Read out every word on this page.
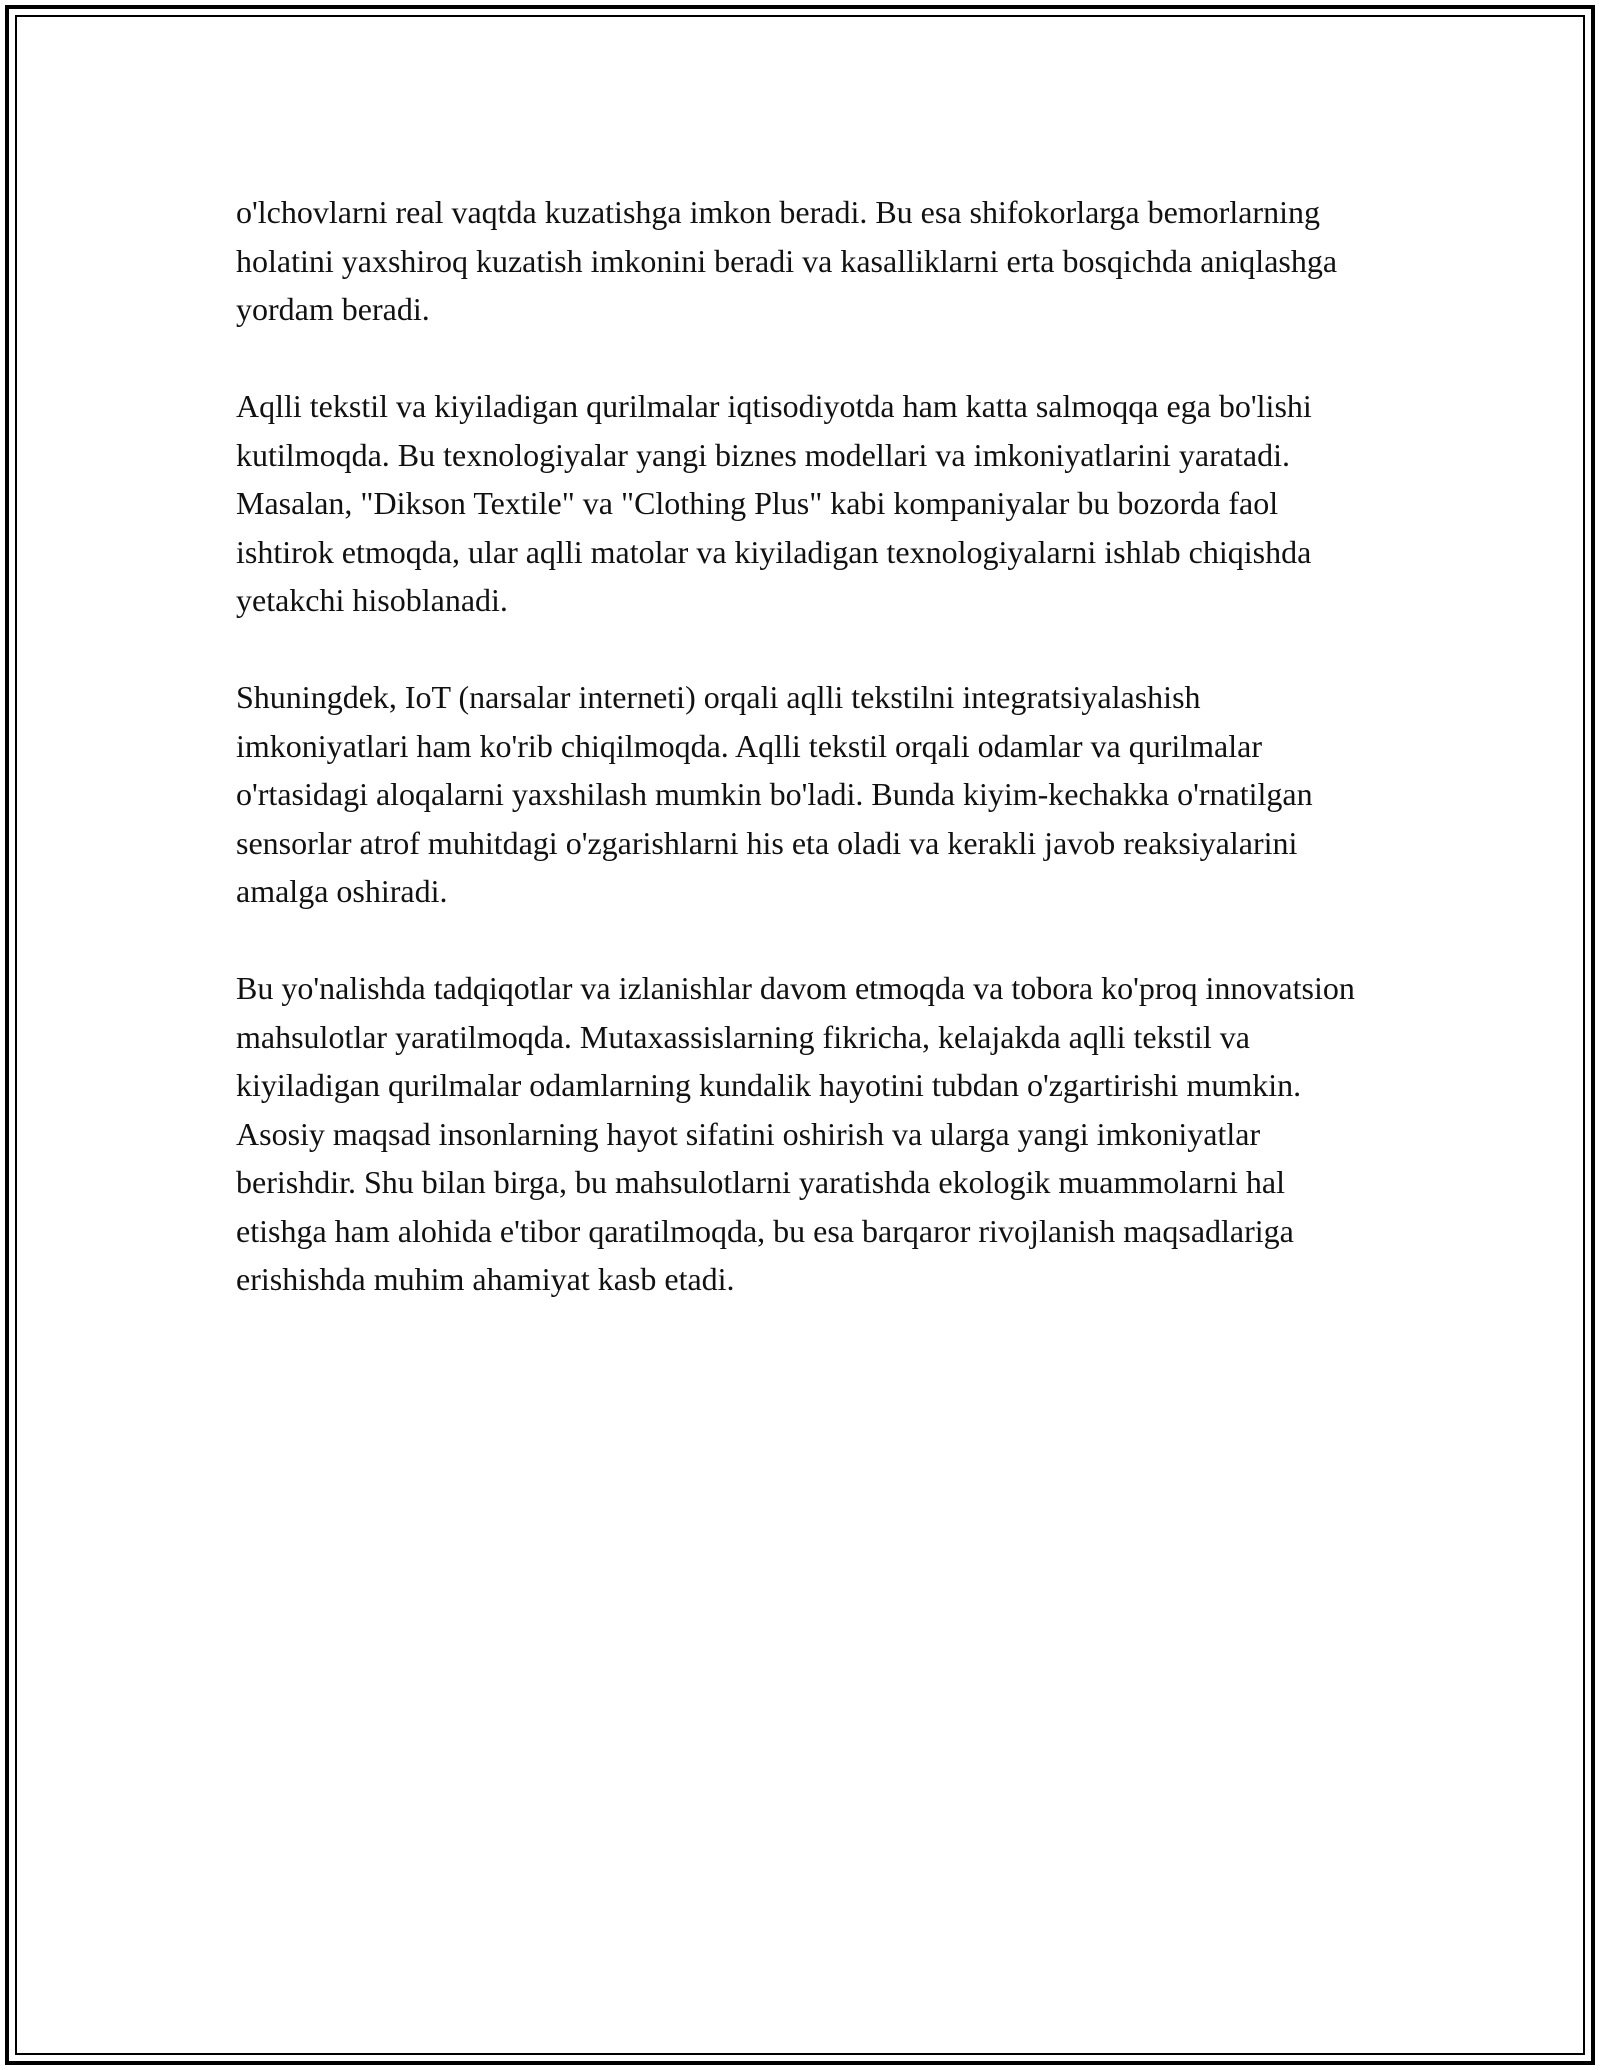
o'lchovlarni real vaqtda kuzatishga imkon beradi. Bu esa shifokorlarga bemorlarning holatini yaxshiroq kuzatish imkonini beradi va kasalliklarni erta bosqichda aniqlashga yordam beradi.

Aqlli tekstil va kiyiladigan qurilmalar iqtisodiyotda ham katta salmoqqa ega bo'lishi kutilmoqda. Bu texnologiyalar yangi biznes modellari va imkoniyatlarini yaratadi. Masalan, "Dikson Textile" va "Clothing Plus" kabi kompaniyalar bu bozorda faol ishtirok etmoqda, ular aqlli matolar va kiyiladigan texnologiyalarni ishlab chiqishda yetakchi hisoblanadi.

Shuningdek, IoT (narsalar interneti) orqali aqlli tekstilni integratsiyalashish imkoniyatlari ham ko'rib chiqilmoqda. Aqlli tekstil orqali odamlar va qurilmalar o'rtasidagi aloqalarni yaxshilash mumkin bo'ladi. Bunda kiyim-kechakka o'rnatilgan sensorlar atrof muhitdagi o'zgarishlarni his eta oladi va kerakli javob reaksiyalarini amalga oshiradi.

Bu yo'nalishda tadqiqotlar va izlanishlar davom etmoqda va tobora ko'proq innovatsion mahsulotlar yaratilmoqda. Mutaxassislarning fikricha, kelajakda aqlli tekstil va kiyiladigan qurilmalar odamlarning kundalik hayotini tubdan o'zgartirishi mumkin. Asosiy maqsad insonlarning hayot sifatini oshirish va ularga yangi imkoniyatlar berishdir. Shu bilan birga, bu mahsulotlarni yaratishda ekologik muammolarni hal etishga ham alohida e'tibor qaratilmoqda, bu esa barqaror rivojlanish maqsadlariga erishishda muhim ahamiyat kasb etadi.
